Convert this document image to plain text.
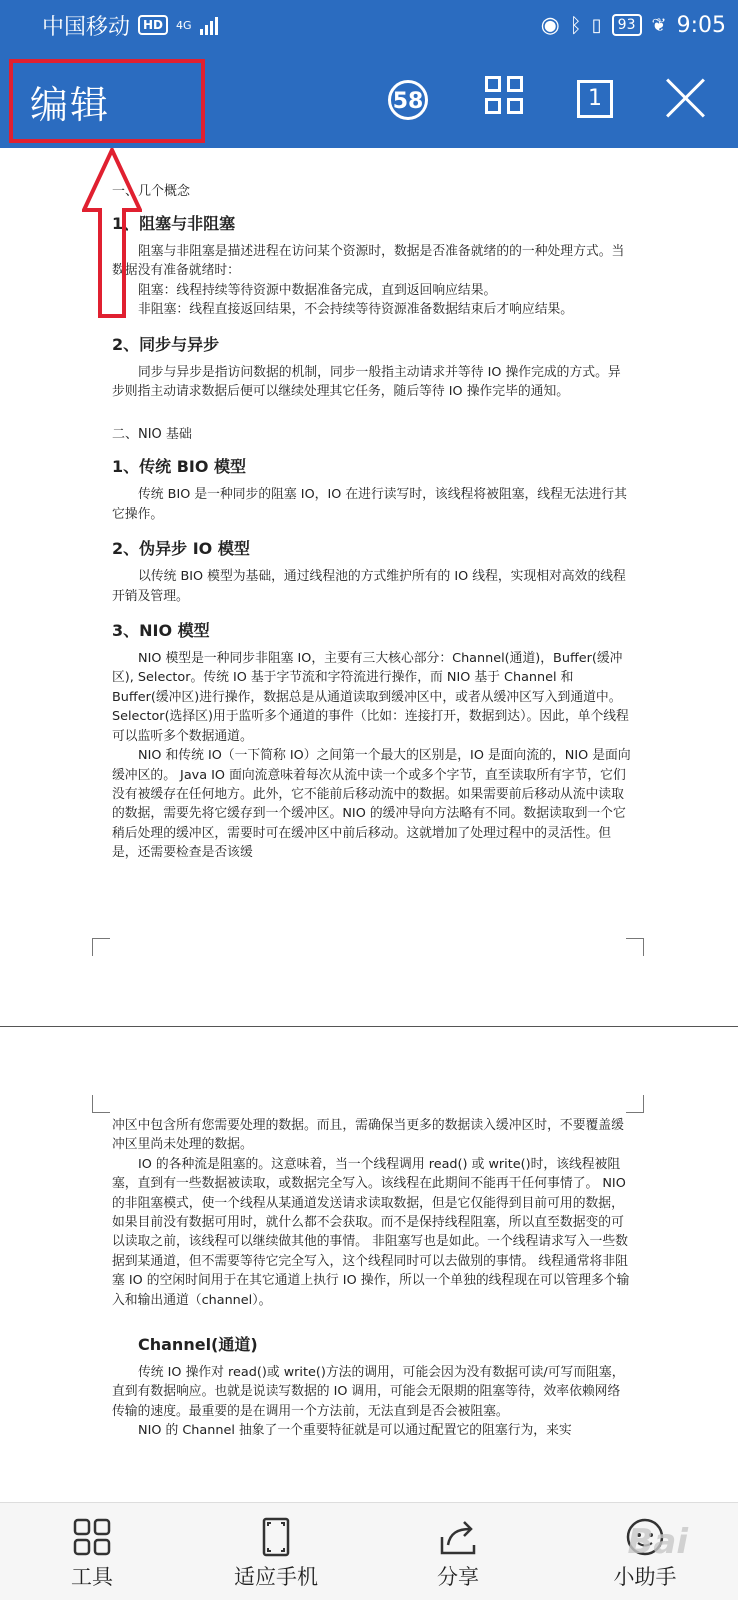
中国移动	HD	4G	◉ ᛒ ▯	93 ❦ 9:05
编辑	58	1
一、几个概念
1、阻塞与非阻塞
阻塞与非阻塞是描述进程在访问某个资源时，数据是否准备就绪的的一种处理方式。当数据没有准备就绪时：
阻塞：线程持续等待资源中数据准备完成，直到返回响应结果。
非阻塞：线程直接返回结果，不会持续等待资源准备数据结束后才响应结果。
2、同步与异步
同步与异步是指访问数据的机制，同步一般指主动请求并等待 IO 操作完成的方式。异步则指主动请求数据后便可以继续处理其它任务，随后等待 IO 操作完毕的通知。
二、NIO 基础
1、传统 BIO 模型
传统 BIO 是一种同步的阻塞 IO，IO 在进行读写时，该线程将被阻塞，线程无法进行其它操作。
2、伪异步 IO 模型
以传统 BIO 模型为基础，通过线程池的方式维护所有的 IO 线程，实现相对高效的线程开销及管理。
3、NIO 模型
NIO 模型是一种同步非阻塞 IO，主要有三大核心部分：Channel(通道)，Buffer(缓冲区), Selector。传统 IO 基于字节流和字符流进行操作，而 NIO 基于 Channel 和 Buffer(缓冲区)进行操作，数据总是从通道读取到缓冲区中，或者从缓冲区写入到通道中。Selector(选择区)用于监听多个通道的事件（比如：连接打开，数据到达）。因此，单个线程可以监听多个数据通道。
NIO 和传统 IO（一下简称 IO）之间第一个最大的区别是，IO 是面向流的，NIO 是面向缓冲区的。 Java IO 面向流意味着每次从流中读一个或多个字节，直至读取所有字节，它们没有被缓存在任何地方。此外，它不能前后移动流中的数据。如果需要前后移动从流中读取的数据，需要先将它缓存到一个缓冲区。NIO 的缓冲导向方法略有不同。数据读取到一个它稍后处理的缓冲区，需要时可在缓冲区中前后移动。这就增加了处理过程中的灵活性。但是，还需要检查是否该缓
冲区中包含所有您需要处理的数据。而且，需确保当更多的数据读入缓冲区时，不要覆盖缓冲区里尚未处理的数据。
IO 的各种流是阻塞的。这意味着，当一个线程调用 read() 或 write()时，该线程被阻塞，直到有一些数据被读取，或数据完全写入。该线程在此期间不能再干任何事情了。 NIO 的非阻塞模式，使一个线程从某通道发送请求读取数据，但是它仅能得到目前可用的数据，如果目前没有数据可用时，就什么都不会获取。而不是保持线程阻塞，所以直至数据变的可以读取之前，该线程可以继续做其他的事情。 非阻塞写也是如此。一个线程请求写入一些数据到某通道，但不需要等待它完全写入，这个线程同时可以去做别的事情。 线程通常将非阻塞 IO 的空闲时间用于在其它通道上执行 IO 操作，所以一个单独的线程现在可以管理多个输入和输出通道（channel）。
Channel(通道)
传统 IO 操作对 read()或 write()方法的调用，可能会因为没有数据可读/可写而阻塞，直到有数据响应。也就是说读写数据的 IO 调用，可能会无限期的阻塞等待，效率依赖网络传输的速度。最重要的是在调用一个方法前，无法直到是否会被阻塞。
NIO 的 Channel 抽象了一个重要特征就是可以通过配置它的阻塞行为，来实
工具	适应手机	分享	小助手
Bai
